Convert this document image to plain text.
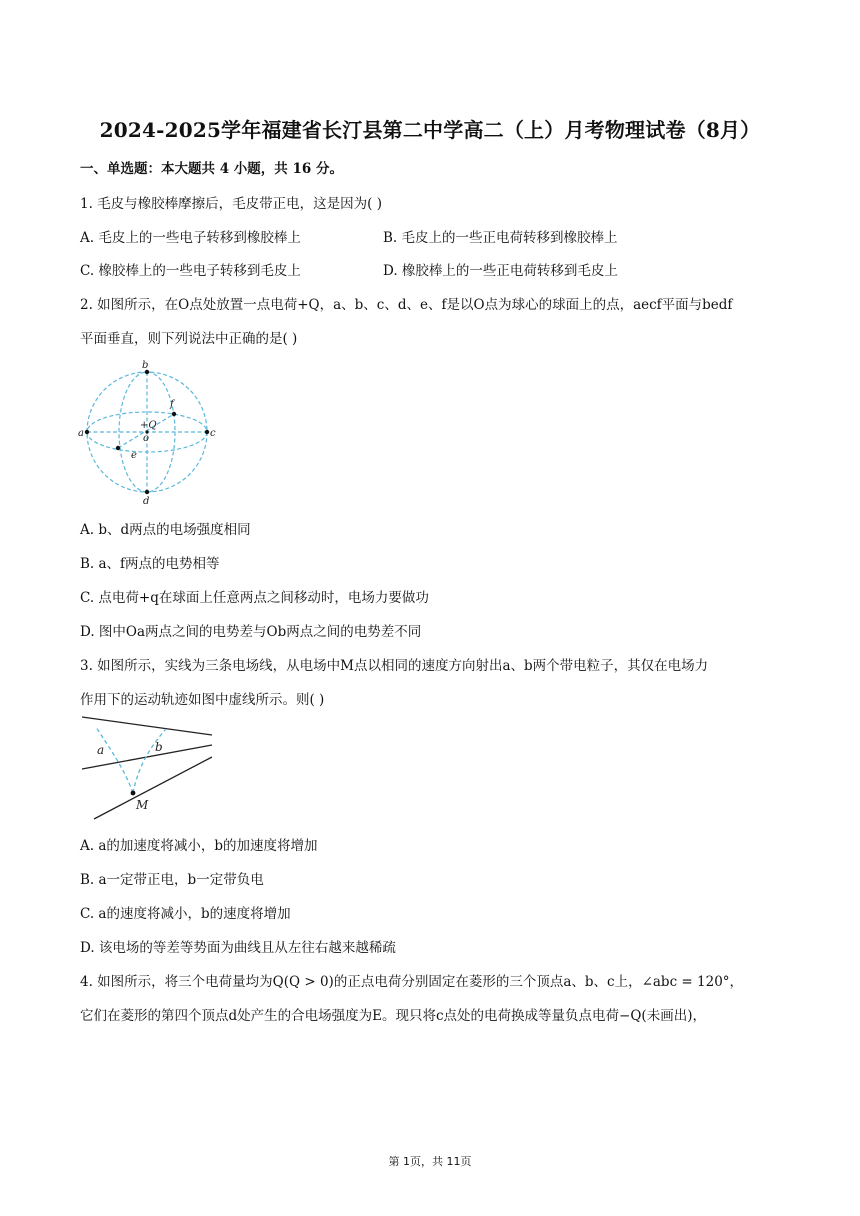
2024-2025学年福建省长汀县第二中学高二（上）月考物理试卷（8月）
一、单选题：本大题共 4 小题，共 16 分。
1. 毛皮与橡胶棒摩擦后，毛皮带正电，这是因为( )
A. 毛皮上的一些电子转移到橡胶棒上	B. 毛皮上的一些正电荷转移到橡胶棒上
C. 橡胶棒上的一些电子转移到毛皮上	D. 橡胶棒上的一些正电荷转移到毛皮上
2. 如图所示，在O点处放置一点电荷+Q，a、b、c、d、e、f是以O点为球心的球面上的点，aecf平面与bedf
平面垂直，则下列说法中正确的是( )
b
f
+Q
o
a	c
e
d
A. b、d两点的电场强度相同
B. a、f两点的电势相等
C. 点电荷+q在球面上任意两点之间移动时，电场力要做功
D. 图中Oa两点之间的电势差与Ob两点之间的电势差不同
3. 如图所示，实线为三条电场线，从电场中M点以相同的速度方向射出a、b两个带电粒子，其仅在电场力
作用下的运动轨迹如图中虚线所示。则( )
a	b
M
A. a的加速度将减小，b的加速度将增加
B. a一定带正电，b一定带负电
C. a的速度将减小，b的速度将增加
D. 该电场的等差等势面为曲线且从左往右越来越稀疏
4. 如图所示，将三个电荷量均为Q(Q > 0)的正点电荷分别固定在菱形的三个顶点a、b、c上，∠abc = 120°，
它们在菱形的第四个顶点d处产生的合电场强度为E。现只将c点处的电荷换成等量负点电荷−Q(未画出)，
第 1页，共 11页
